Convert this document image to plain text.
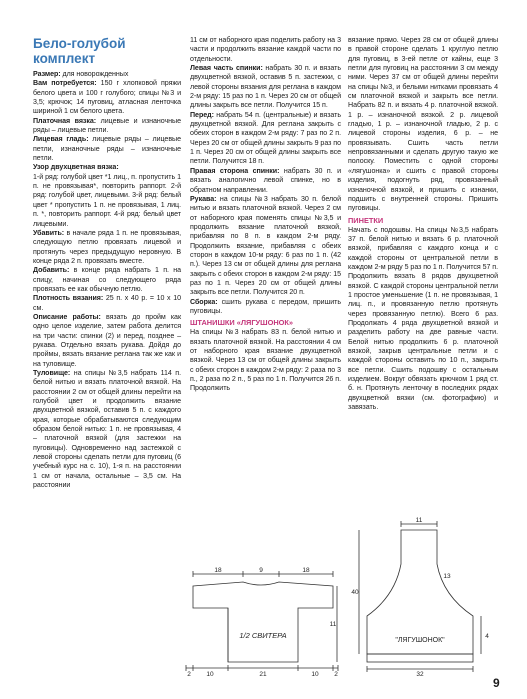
Бело-голубой
комплект

Размер: для новорожденных

Вам потребуется: 150 г хлопковой пряжи белого цвета и 100 г голубого; спицы №3 и 3,5; крючок; 14 пуговиц, атласная ленточка шириной 1 см белого цвета.

Платочная вязка: лицевые и изнаночные ряды – лицевые петли.

Лицевая гладь: лицевые ряды – лицевые петли, изнаночные ряды – изнаночные петли.

Узор двухцветная вязка:
1-й ряд: голубой цвет *1 лиц., п. пропустить 1 п. не провязывая*, повторить раппорт. 2-й ряд: голубой цвет, лицевыми. 3-й ряд: белый цвет * пропустить 1 п. не провязывая, 1 лиц. п. *, повторить раппорт. 4-й ряд: белый цвет лицевыми.

Убавить: в начале ряда 1 п. не провязывая, следующую петлю провязать лицевой и протянуть через предыдущую неровную. В конце ряда 2 п. провязать вместе.

Добавить: в конце ряда набрать 1 п. на спицу, начиная со следующего ряда провязать ее как обычную петлю.

Плотность вязания: 25 п. х 40 р. = 10 х 10 см.

Описание работы: вязать до пройм как одно целое изделие, затем работа делится на три части: спинки (2) и перед, позднее – рукава. Отдельно вязать рукава. Дойдя до проймы, вязать вязание реглана так же как и на туловище.

Туловище: на спицы №3,5 набрать 114 п. белой нитью и вязать платочной вязкой. На расстоянии 2 см от общей длины перейти на голубой цвет и продолжить вязание двухцветной вязкой, оставив 5 п. с каждого края, которые обрабатываются следующим образом белой нитью: 1 п. не провязывая, 4 – платочной вязкой (для застежки на пуговицы). Одновременно над застежкой с левой стороны сделать петли для пуговиц (6 учебный курс на с. 10), 1-я п. на расстоянии 1 см от начала, остальные – 3,5 см. На расстоянии

11 см от наборного края поделить работу на 3 части и продолжить вязание каждой части по отдельности.

Левая часть спинки: набрать 30 п. и вязать двухцветной вязкой, оставив 5 п. застежки, с левой стороны вязания для реглана в каждом 2-м ряду: 15 раз по 1 п. Через 20 см от общей длины закрыть все петли. Получится 15 п.

Перед: набрать 54 п. (центральные) и вязать двухцветной вязкой. Для реглана закрыть с обеих сторон в каждом 2-м ряду: 7 раз по 2 п. Через 20 см от общей длины закрыть 9 раз по 1 п. Через 20 см от общей длины закрыть все петли. Получится 18 п.

Правая сторона спинки: набрать 30 п. и вязать аналогично левой спинке, но в обратном направлении.

Рукава: на спицы №3 набрать 30 п. белой нитью и вязать платочной вязкой. Через 2 см от наборного края поменять спицы №3,5 и продолжить вязание платочной вязкой, прибавляя по 8 п. в каждом 2-м ряду. Продолжить вязание, прибавляя с обеих сторон в каждом 10-м ряду: 6 раз по 1 п. (42 п.). Через 13 см от общей длины для реглана закрыть с обеих сторон в каждом 2-м ряду: 15 раз по 1 п. Через 20 см от общей длины закрыть все петли. Получится 20 п.

Сборка: сшить рукава с передом, пришить пуговицы.

ШТАНИШКИ «ЛЯГУШОНОК»

На спицы №3 набрать 83 п. белой нитью и вязать платочной вязкой. На расстоянии 4 см от наборного края вязание двухцветной вязкой. Через 13 см от общей длины закрыть с обеих сторон в каждом 2-м ряду: 2 раза по 3 п., 2 раза по 2 п., 5 раз по 1 п. Получится 26 п. Продолжить

вязание прямо. Через 28 см от общей длины в правой стороне сделать 1 круглую петлю для пуговиц, в 3-ей петле от кайны, еще 3 петли для пуговиц на расстоянии 3 см между ними. Через 37 см от общей длины перейти на спицы №3, и белыми нитками провязать 4 см платочной вязкой и закрыть все петли. Набрать 82 п. и вязать 4 р. платочной вязкой. 1 р. – изнаночной вязкой. 2 р. лицевой гладью, 1 р. – изнаночной гладью, 2 р. с лицевой стороны изделия, 6 р. – не провязывать. Сшить часть петли непровязанными и сделать другую такую же полоску. Поместить с одной стороны «лягушонка» и сшить с правой стороны изделия, подогнуть ряд, провязанный изнаночной вязкой, и пришить с изнанки, подшить с внутренней стороны. Пришить пуговицы.

ПИНЕТКИ

Начать с подошвы. На спицы №3,5 набрать 37 п. белой нитью и вязать 6 р. платочной вязкой, прибавляя с каждого конца и с каждой стороны от центральной петли в каждом 2-м ряду 5 раз по 1 п. Получится 57 п. Продолжить вязать 8 рядов двухцветной вязкой. С каждой стороны центральной петли 1 простое уменьшение (1 п. не провязывая, 1 лиц. п., и провязанную петлю протянуть через провязанную петлю). Всего 6 раз. Продолжать 4 ряда двухцветной вязкой и разделить работу на две равные части. Белой нитью продолжить 6 р. платочной вязкой, закрыв центральные петли и с каждой стороны оставить по 10 п., закрыть все петли. Сшить подошву с остальным изделием. Вокруг обвязать крючком 1 ряд ст. б. н. Протянуть ленточку в последних рядах двухцветной вязки (см. фотографию) и завязать.

18	9	18
2 10	21	10 2
11
1/2 СВИТЕРА
11
13
40
4
32
"ЛЯГУШОНОК"
9
